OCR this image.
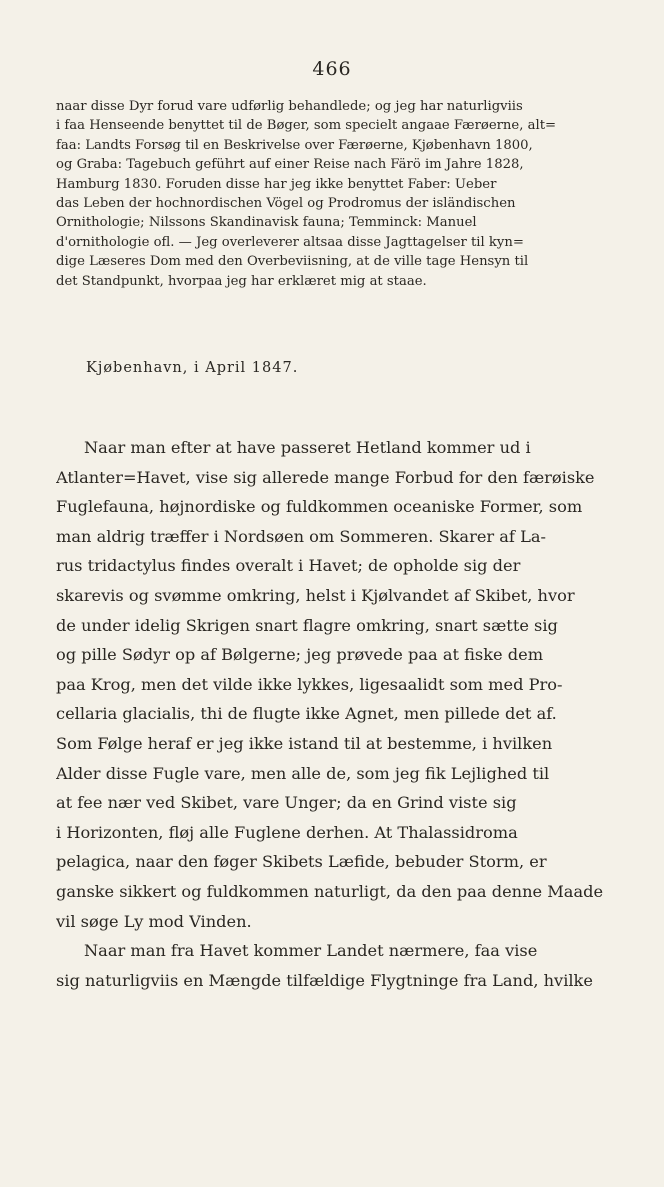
466
naar disse Dyr forud vare udførlig behandlede; og jeg har naturligviis
i faa Henseende benyttet til de Bøger, som specielt angaae Færøerne, alt=
faa: Landts Forsøg til en Beskrivelse over Færøerne, Kjøbenhavn 1800,
og Graba: Tagebuch geführt auf einer Reise nach Färö im Jahre 1828,
Hamburg 1830. Foruden disse har jeg ikke benyttet Faber: Ueber
das Leben der hochnordischen Vögel og Prodromus der isländischen
Ornithologie; Nilssons Skandinavisk fauna; Temminck: Manuel
d'ornithologie ofl. — Jeg overleverer altsaa disse Jagttagelser til kyn=
dige Læseres Dom med den Overbeviisning, at de ville tage Hensyn til
det Standpunkt, hvorpaa jeg har erklæret mig at staae.
Kjøbenhavn, i April 1847.
Naar man efter at have passeret Hetland kommer ud i
Atlanter=Havet, vise sig allerede mange Forbud for den færøiske
Fuglefauna, højnordiske og fuldkommen oceaniske Former, som
man aldrig træffer i Nordsøen om Sommeren. Skarer af La-
rus tridactylus findes overalt i Havet; de opholde sig der
skarevis og svømme omkring, helst i Kjølvandet af Skibet, hvor
de under idelig Skrigen snart flagre omkring, snart sætte sig
og pille Sødyr op af Bølgerne; jeg prøvede paa at fiske dem
paa Krog, men det vilde ikke lykkes, ligesaalidt som med Pro-
cellaria glacialis, thi de flugte ikke Agnet, men pillede det af.
Som Følge heraf er jeg ikke istand til at bestemme, i hvilken
Alder disse Fugle vare, men alle de, som jeg fik Lejlighed til
at fee nær ved Skibet, vare Unger; da en Grind viste sig
i Horizonten, fløj alle Fuglene derhen. At Thalassidroma
pelagica, naar den føger Skibets Læfide, bebuder Storm, er
ganske sikkert og fuldkommen naturligt, da den paa denne Maade
vil søge Ly mod Vinden.
Naar man fra Havet kommer Landet nærmere, faa vise
sig naturligviis en Mængde tilfældige Flygtninge fra Land, hvilke
